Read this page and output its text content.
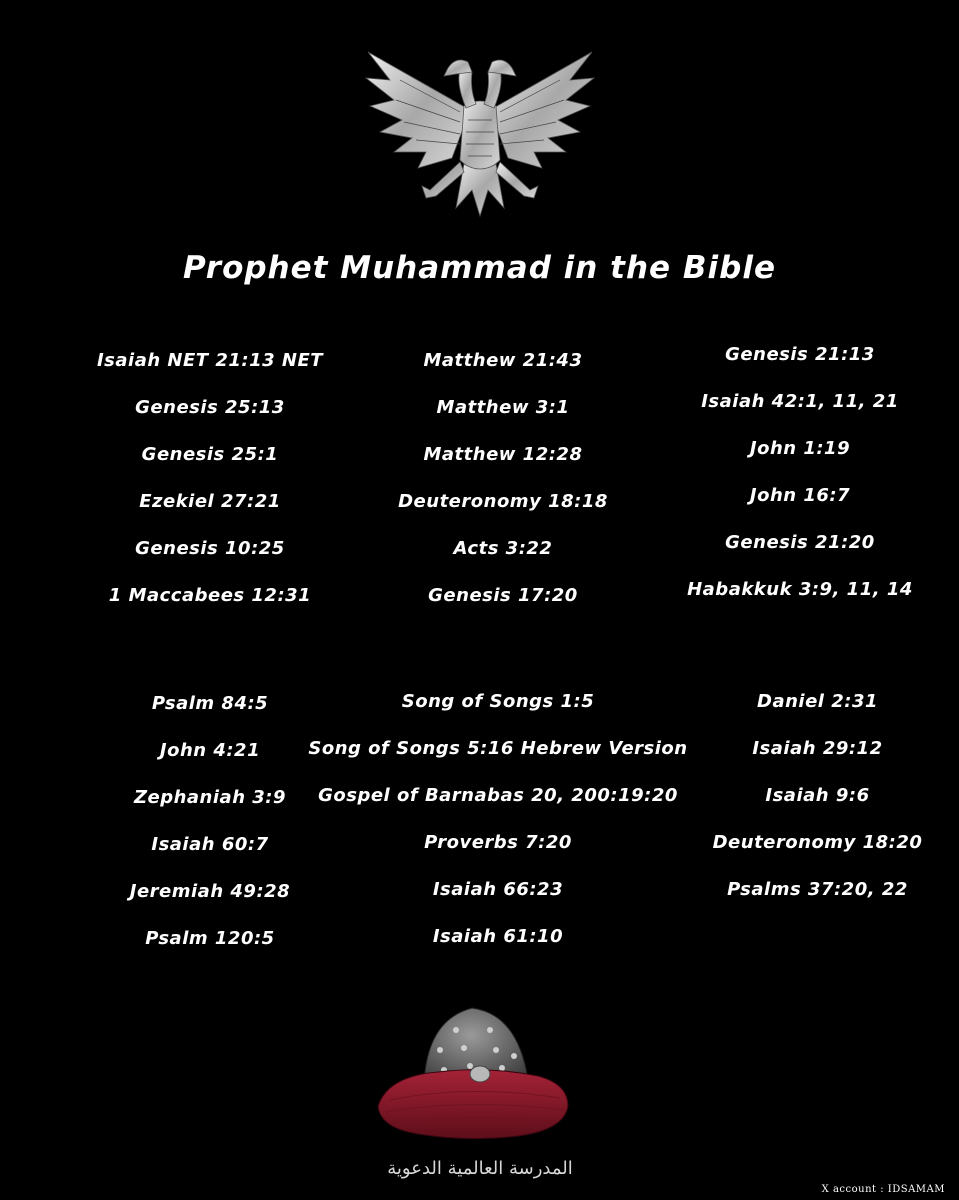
Prophet Muhammad in the Bible
Isaiah NET 21:13 NET
Genesis 25:13
Genesis 25:1
Ezekiel 27:21
Genesis 10:25
1 Maccabees 12:31
Matthew 21:43
Matthew 3:1
Matthew 12:28
Deuteronomy 18:18
Acts 3:22
Genesis 17:20
Genesis 21:13
Isaiah 42:1, 11, 21
John 1:19
John 16:7
Genesis 21:20
Habakkuk 3:9, 11, 14
Psalm 84:5
John 4:21
Zephaniah 3:9
Isaiah 60:7
Jeremiah 49:28
Psalm 120:5
Song of Songs 1:5
Song of Songs 5:16 Hebrew Version
Gospel of Barnabas 20, 200:19:20
Proverbs 7:20
Isaiah 66:23
Isaiah 61:10
Daniel 2:31
Isaiah 29:12
Isaiah 9:6
Deuteronomy 18:20
Psalms 37:20, 22
المدرسة العالمية الدعوية
X account : IDSAMAM
